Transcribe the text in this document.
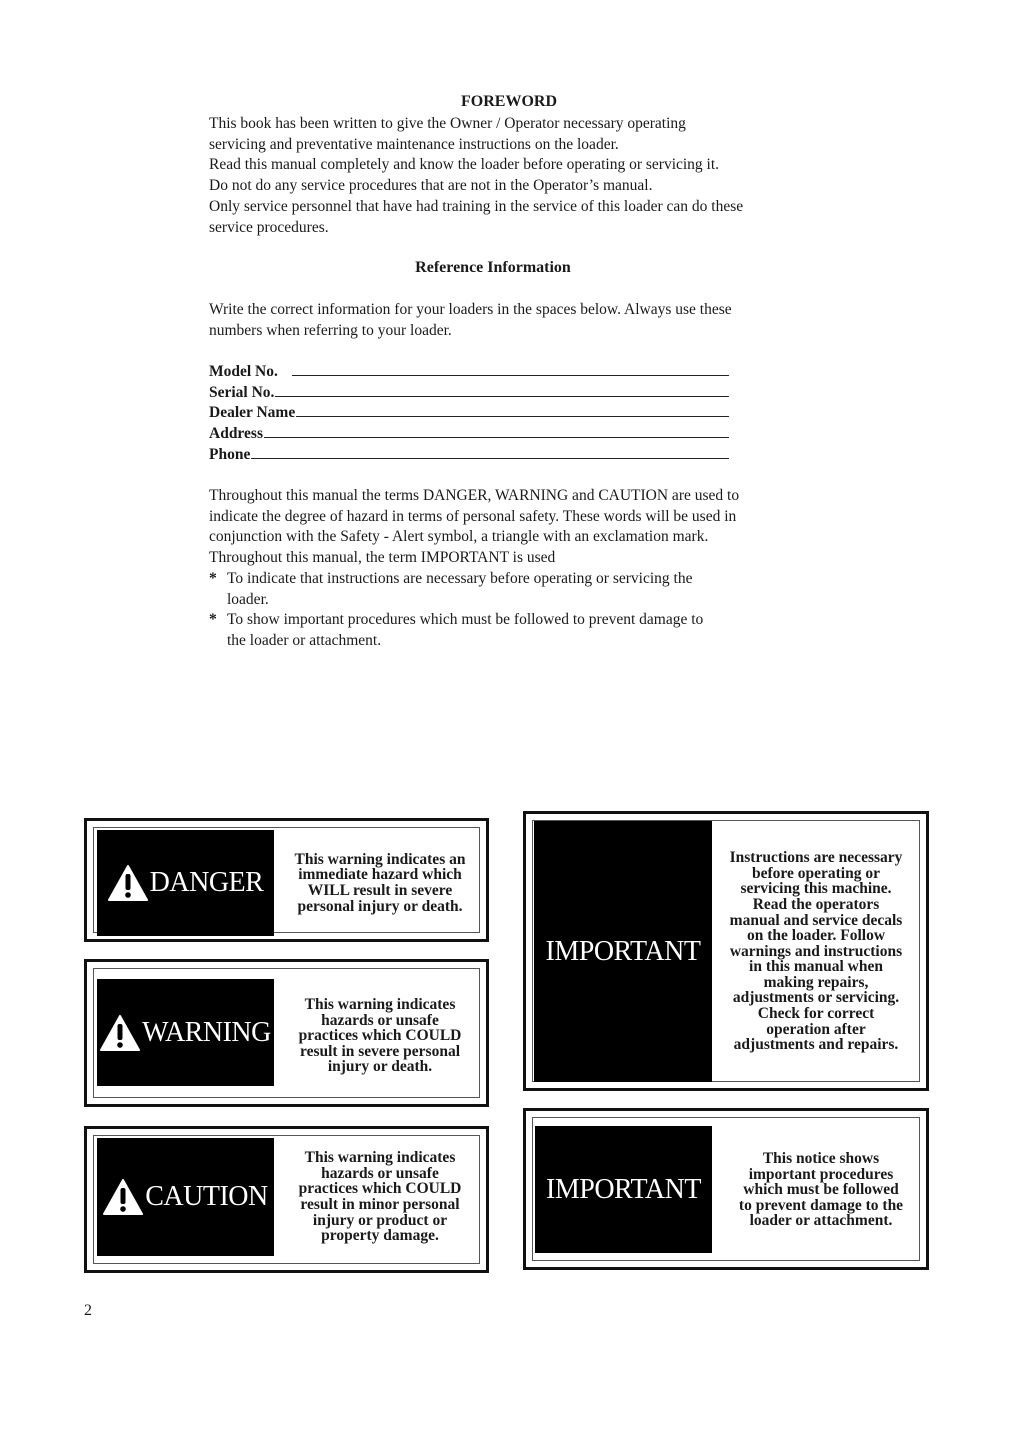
FOREWORD
This book has been written to give the Owner / Operator necessary operating
servicing and preventative maintenance instructions on the loader.
Read this manual completely and know the loader before operating or servicing it.
Do not do any service procedures that are not in the Operator’s manual.
Only service personnel that have had training in the service of this loader can do these
service procedures.
Reference Information
Write the correct information for your loaders in the spaces below. Always use these
numbers when referring to your loader.
Model No.
Serial No.
Dealer Name
Address
Phone
Throughout this manual the terms DANGER, WARNING and CAUTION are used to
indicate the degree of hazard in terms of personal safety. These words will be used in
conjunction with the Safety - Alert symbol, a triangle with an exclamation mark.
Throughout this manual, the term IMPORTANT is used
* To indicate that instructions are necessary before operating or servicing the
loader.
* To show important procedures which must be followed to prevent damage to
the loader or attachment.
DANGER
This warning indicates an
immediate hazard which
WILL result in severe
personal injury or death.
WARNING
This warning indicates
hazards or unsafe
practices which COULD
result in severe personal
injury or death.
CAUTION
This warning indicates
hazards or unsafe
practices which COULD
result in minor personal
injury or product or
property damage.
IMPORTANT
Instructions are necessary
before operating or
servicing this machine.
Read the operators
manual and service decals
on the loader. Follow
warnings and instructions
in this manual when
making repairs,
adjustments or servicing.
Check for correct
operation after
adjustments and repairs.
IMPORTANT
This notice shows
important procedures
which must be followed
to prevent damage to the
loader or attachment.
2
